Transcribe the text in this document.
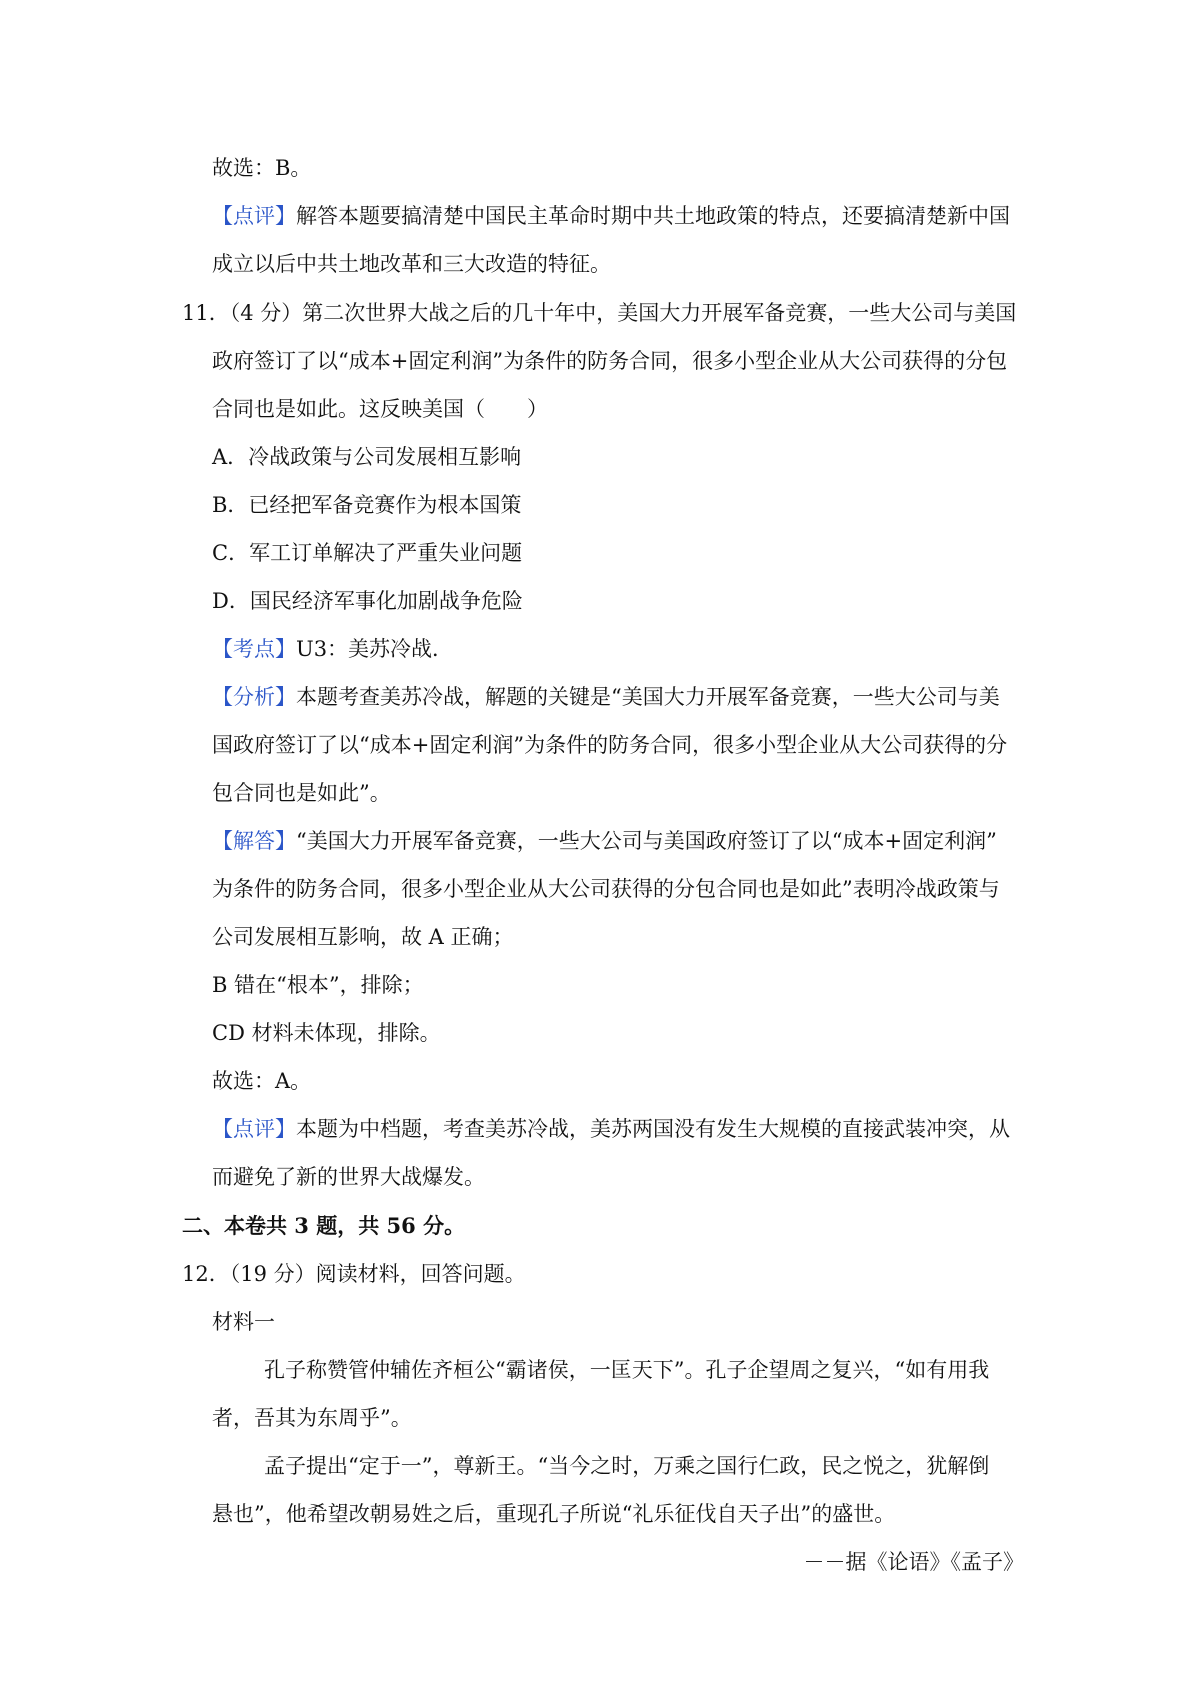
故选：B。
【点评】解答本题要搞清楚中国民主革命时期中共土地政策的特点，还要搞清楚新中国
成立以后中共土地改革和三大改造的特征。
11．（4 分）第二次世界大战之后的几十年中，美国大力开展军备竞赛，一些大公司与美国
政府签订了以“成本+固定利润”为条件的防务合同，很多小型企业从大公司获得的分包
合同也是如此。这反映美国（　　）
A．冷战政策与公司发展相互影响
B．已经把军备竞赛作为根本国策
C．军工订单解决了严重失业问题
D．国民经济军事化加剧战争危险
【考点】U3：美苏冷战．
【分析】本题考查美苏冷战，解题的关键是“美国大力开展军备竞赛，一些大公司与美
国政府签订了以“成本+固定利润”为条件的防务合同，很多小型企业从大公司获得的分
包合同也是如此”。
【解答】“美国大力开展军备竞赛，一些大公司与美国政府签订了以“成本+固定利润”
为条件的防务合同，很多小型企业从大公司获得的分包合同也是如此”表明冷战政策与
公司发展相互影响，故 A 正确；
B 错在“根本”，排除；
CD 材料未体现，排除。
故选：A。
【点评】本题为中档题，考查美苏冷战，美苏两国没有发生大规模的直接武装冲突，从
而避免了新的世界大战爆发。
二、本卷共 3 题，共 56 分。
12．（19 分）阅读材料，回答问题。
材料一
孔子称赞管仲辅佐齐桓公“霸诸侯，一匡天下”。孔子企望周之复兴，“如有用我
者，吾其为东周乎”。
孟子提出“定于一”，尊新王。“当今之时，万乘之国行仁政，民之悦之，犹解倒
悬也”，他希望改朝易姓之后，重现孔子所说“礼乐征伐自天子出”的盛世。
－－据《论语》《孟子》
